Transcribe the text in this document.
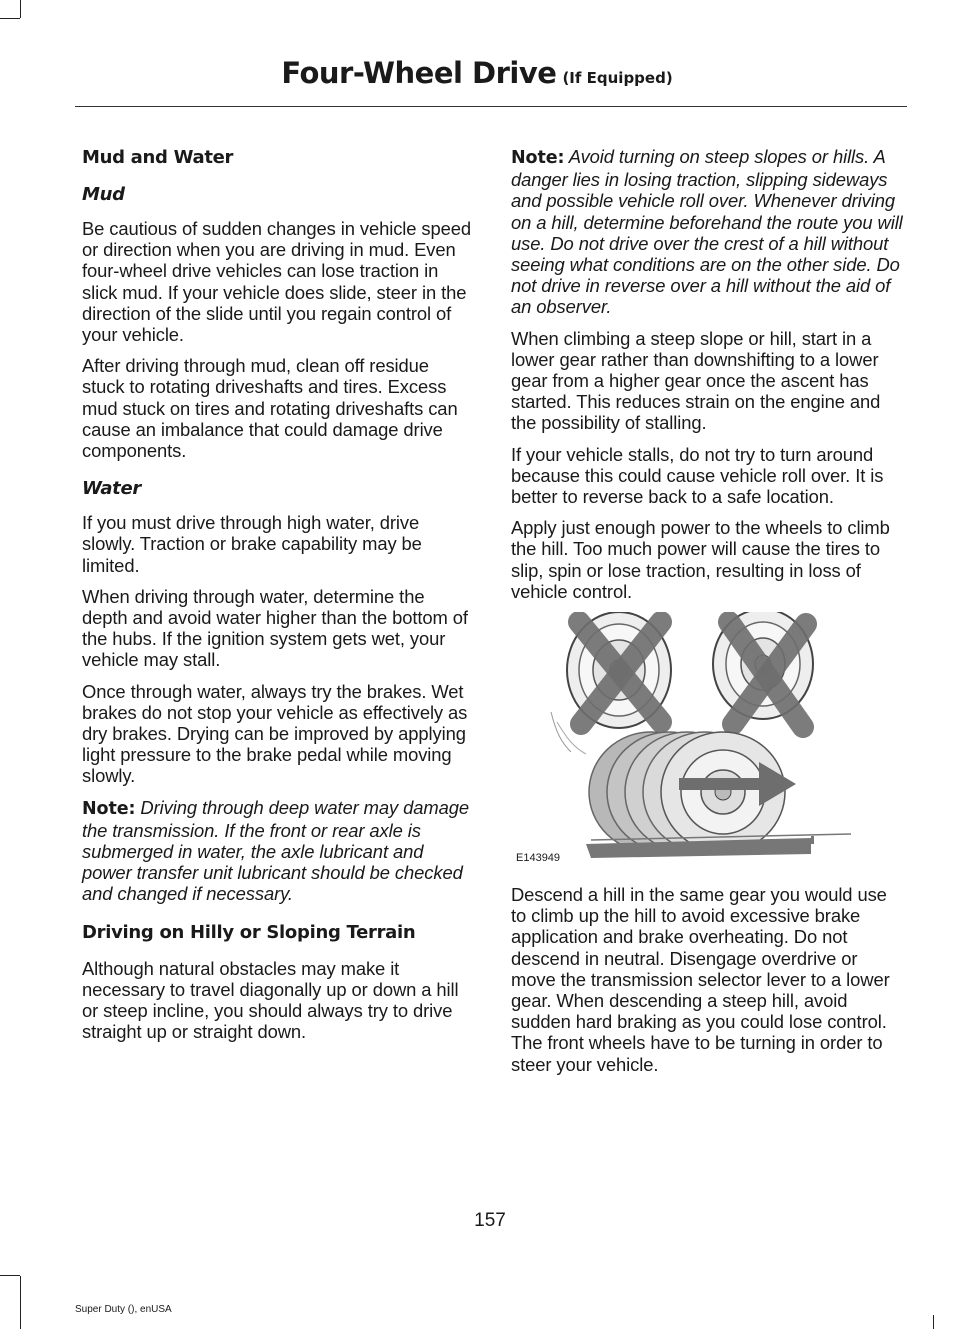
Four-Wheel Drive (If Equipped)
Mud and Water
Mud

Be cautious of sudden changes in vehicle speed or direction when you are driving in mud. Even four-wheel drive vehicles can lose traction in slick mud. If your vehicle does slide, steer in the direction of the slide until you regain control of your vehicle.

After driving through mud, clean off residue stuck to rotating driveshafts and tires. Excess mud stuck on tires and rotating driveshafts can cause an imbalance that could damage drive components.

Water

If you must drive through high water, drive slowly. Traction or brake capability may be limited.

When driving through water, determine the depth and avoid water higher than the bottom of the hubs. If the ignition system gets wet, your vehicle may stall.

Once through water, always try the brakes. Wet brakes do not stop your vehicle as effectively as dry brakes. Drying can be improved by applying light pressure to the brake pedal while moving slowly.

Note: Driving through deep water may damage the transmission. If the front or rear axle is submerged in water, the axle lubricant and power transfer unit lubricant should be checked and changed if necessary.

Driving on Hilly or Sloping Terrain

Although natural obstacles may make it necessary to travel diagonally up or down a hill or steep incline, you should always try to drive straight up or straight down.

Note: Avoid turning on steep slopes or hills. A danger lies in losing traction, slipping sideways and possible vehicle roll over. Whenever driving on a hill, determine beforehand the route you will use. Do not drive over the crest of a hill without seeing what conditions are on the other side. Do not drive in reverse over a hill without the aid of an observer.

When climbing a steep slope or hill, start in a lower gear rather than downshifting to a lower gear from a higher gear once the ascent has started. This reduces strain on the engine and the possibility of stalling.

If your vehicle stalls, do not try to turn around because this could cause vehicle roll over. It is better to reverse back to a safe location.

Apply just enough power to the wheels to climb the hill. Too much power will cause the tires to slip, spin or lose traction, resulting in loss of vehicle control.

E143949

Descend a hill in the same gear you would use to climb up the hill to avoid excessive brake application and brake overheating. Do not descend in neutral. Disengage overdrive or move the transmission selector lever to a lower gear. When descending a steep hill, avoid sudden hard braking as you could lose control. The front wheels have to be turning in order to steer your vehicle.

157
Super Duty (), enUSA
